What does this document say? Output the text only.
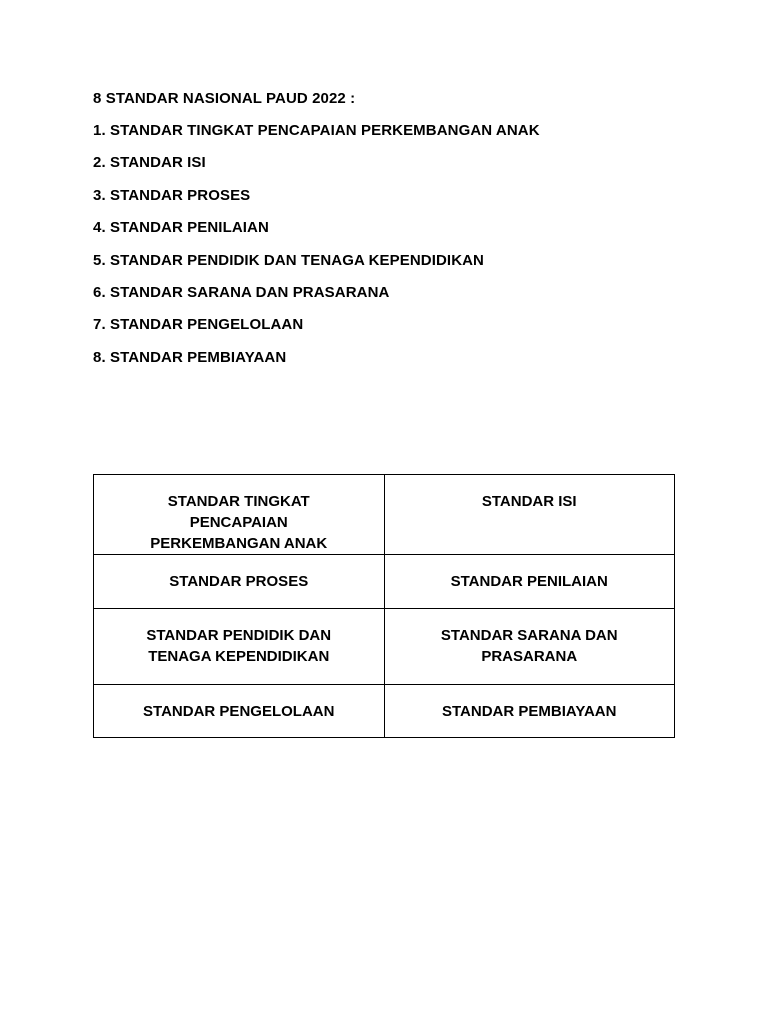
8 STANDAR NASIONAL PAUD 2022 :
1. STANDAR TINGKAT PENCAPAIAN PERKEMBANGAN ANAK
2. STANDAR ISI
3. STANDAR PROSES
4. STANDAR PENILAIAN
5. STANDAR PENDIDIK DAN TENAGA KEPENDIDIKAN
6. STANDAR SARANA DAN PRASARANA
7. STANDAR PENGELOLAAN
8. STANDAR PEMBIAYAAN
STANDAR TINGKAT PENCAPAIAN PERKEMBANGAN ANAK	STANDAR ISI
STANDAR PROSES	STANDAR PENILAIAN
STANDAR PENDIDIK DAN TENAGA KEPENDIDIKAN	STANDAR SARANA DAN PRASARANA
STANDAR PENGELOLAAN	STANDAR PEMBIAYAAN
